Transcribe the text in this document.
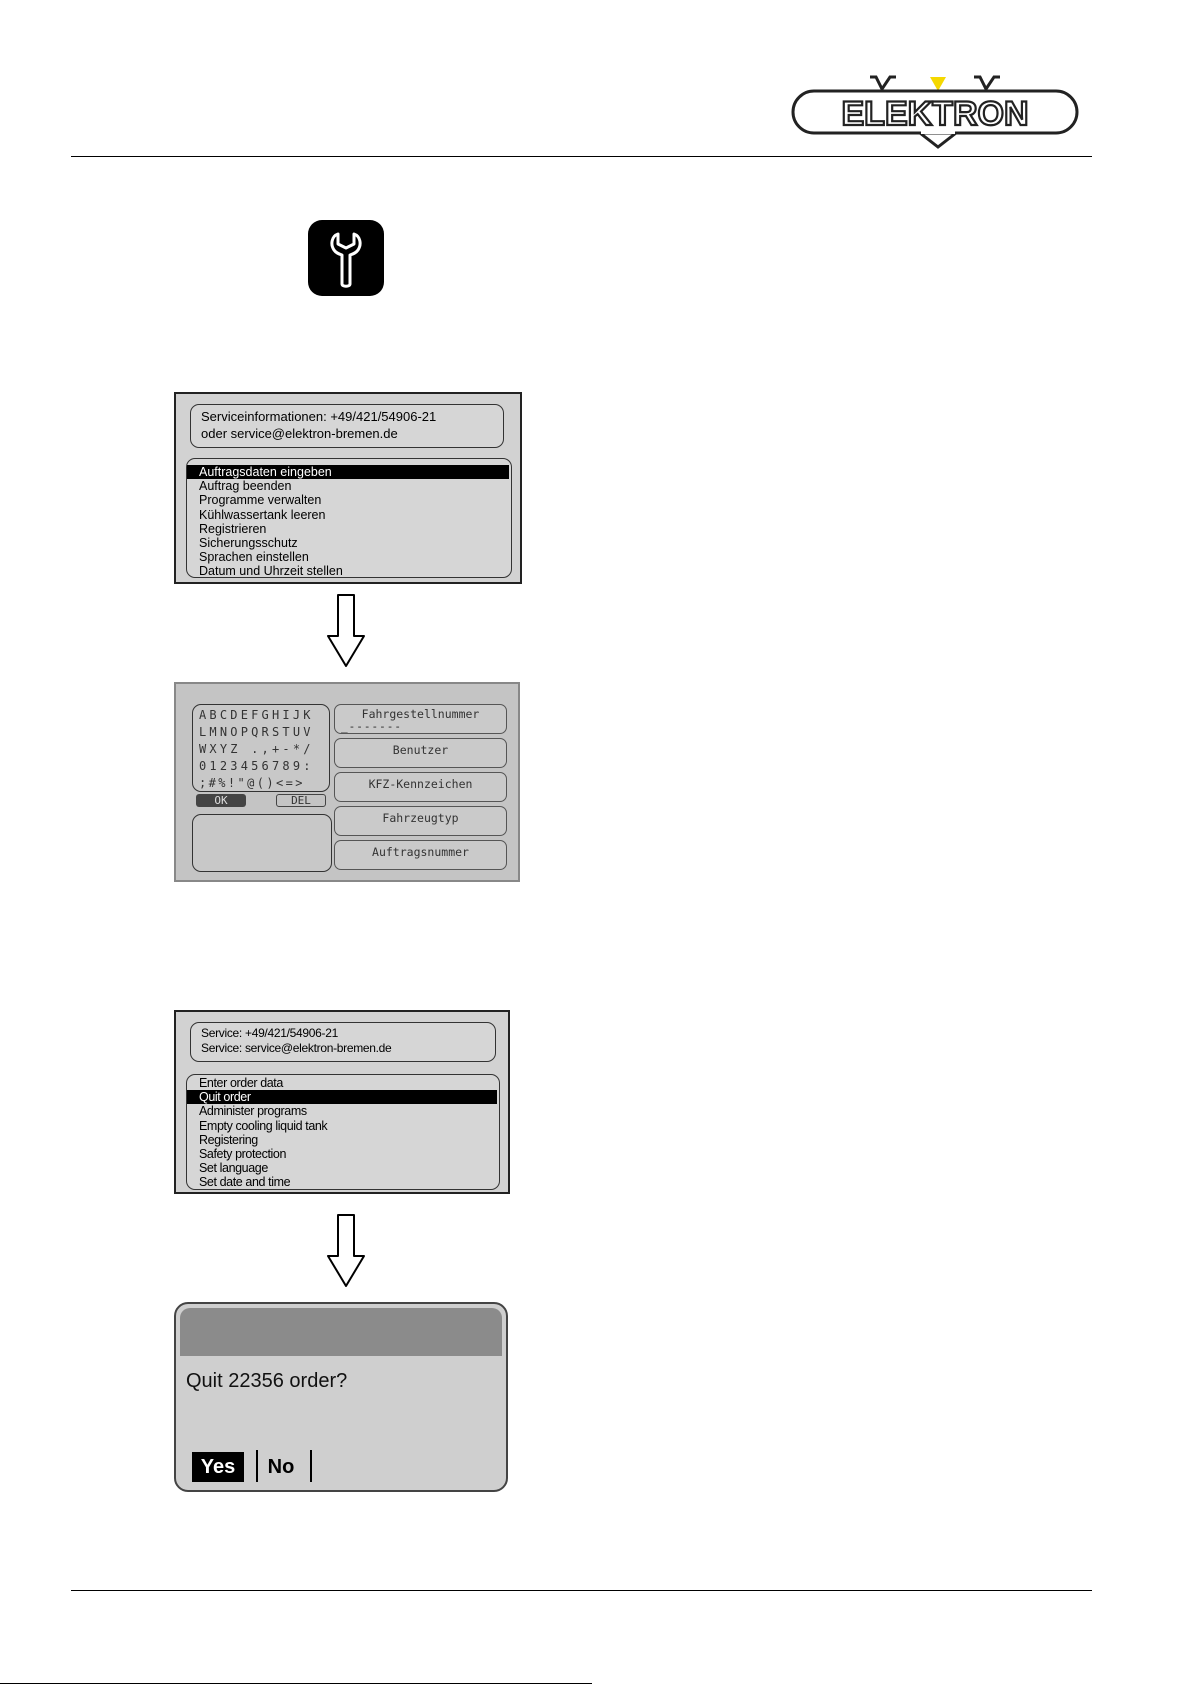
ELEKTRON
Serviceinformationen: +49/421/54906-21
oder service@elektron-bremen.de
Auftragsdaten eingeben
Auftrag beenden
Programme verwalten
Kühlwassertank leeren
Registrieren
Sicherungsschutz
Sprachen einstellen
Datum und Uhrzeit stellen
ABCDEFGHIJK
LMNOPQRSTUV
WXYZ .,+-*/
0123456789:
;#%!"@()<=>
OK	DEL
Fahrgestellnummer
_-------
Benutzer
KFZ-Kennzeichen
Fahrzeugtyp
Auftragsnummer
Service: +49/421/54906-21
Service: service@elektron-bremen.de
Enter order data
Quit order
Administer programs
Empty cooling liquid tank
Registering
Safety protection
Set language
Set date and time
Quit 22356 order?
Yes	No
